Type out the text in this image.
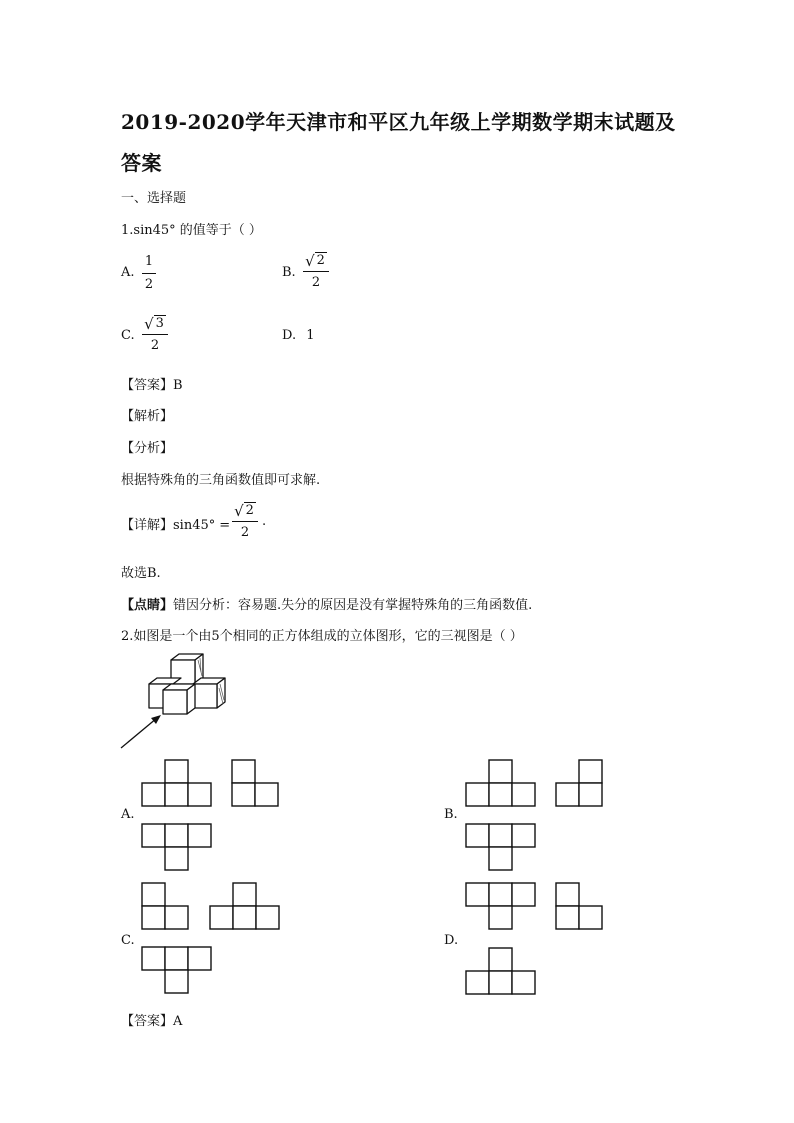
2019-2020学年天津市和平区九年级上学期数学期末试题及
答案
一、选择题
1.sin45° 的值等于（ ）
A.
1
2
B.
√ 2
2
C.
√ 3
2
D. 1
【答案】B
【解析】
【分析】
根据特殊角的三角函数值即可求解.
【详解】sin45° =
√ 2
2
.
故选B.
【点睛】错因分析：容易题.失分的原因是没有掌握特殊角的三角函数值.
2.如图是一个由5个相同的正方体组成的立体图形，它的三视图是（ ）
A.	B.
C.	D.
【答案】A
